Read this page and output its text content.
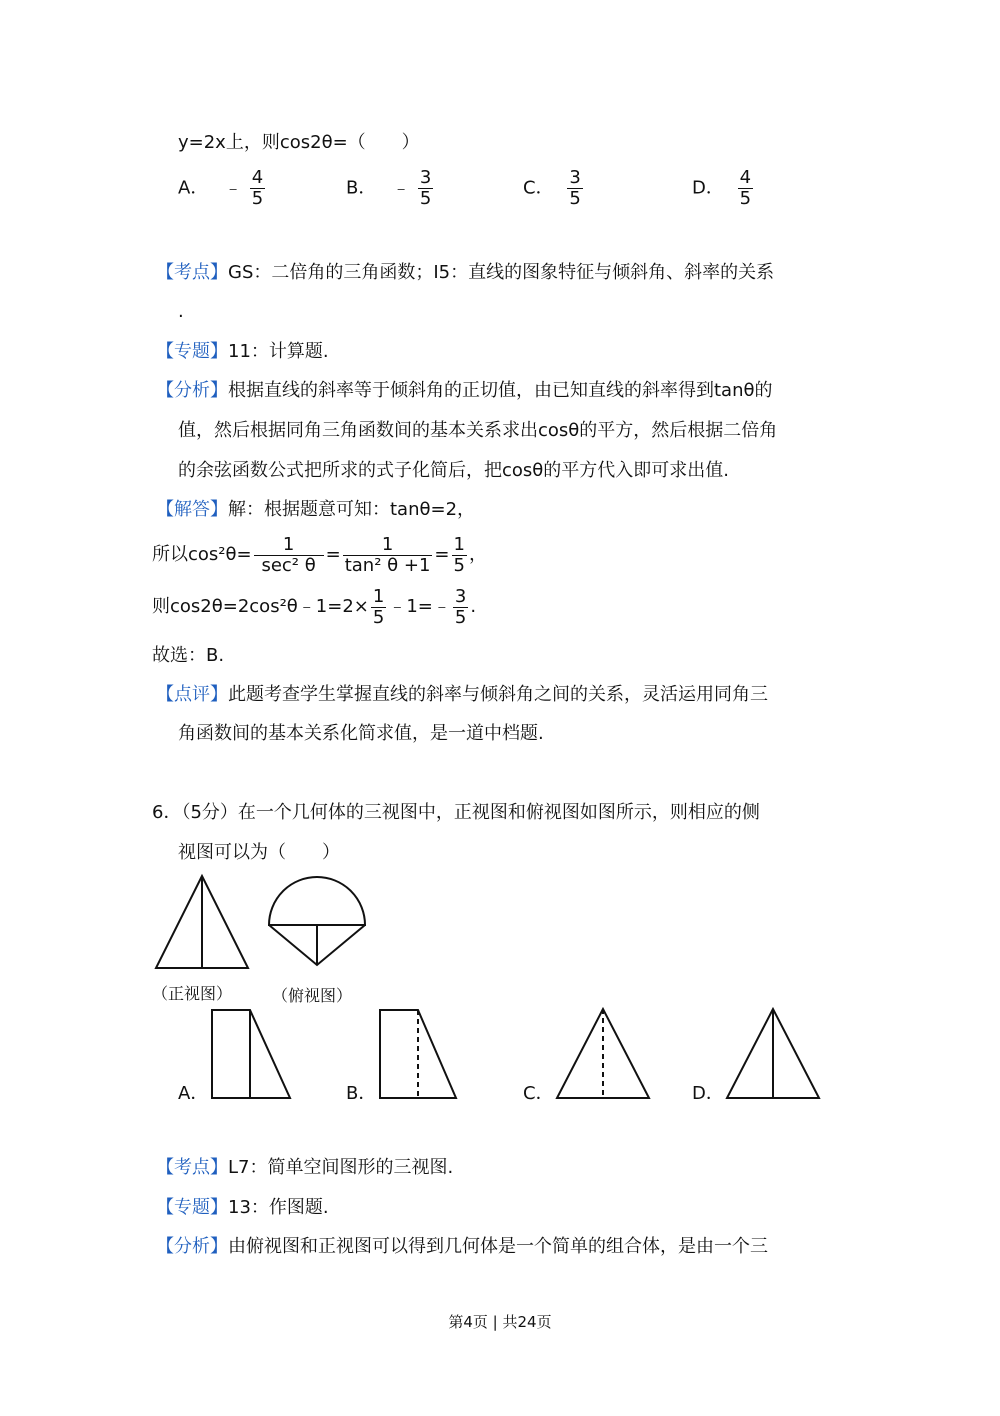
y=2x上，则cos2θ=（　　）
A． ﹣ $\frac{4}{5}$	B． ﹣ $\frac{3}{5}$	C． $\frac{3}{5}$	D． $\frac{4}{5}$
【考点】GS：二倍角的三角函数；I5：直线的图象特征与倾斜角、斜率的关系
.
【专题】11：计算题.
【分析】根据直线的斜率等于倾斜角的正切值，由已知直线的斜率得到tanθ的
值，然后根据同角三角函数间的基本关系求出cosθ的平方，然后根据二倍角
的余弦函数公式把所求的式子化简后，把cosθ的平方代入即可求出值.
【解答】解：根据题意可知：tanθ=2，
所以$\cos^2\theta= \frac{1}{\text{sec² θ}} = \frac{1}{\text{tan² θ +1}} = \frac{1}{5}$ ，
则cos2θ=2cos²θ﹣1=2× $\frac{1}{5}$ ﹣1=﹣ $\frac{3}{5}$ .
故选：B.
【点评】此题考查学生掌握直线的斜率与倾斜角之间的关系，灵活运用同角三
角函数间的基本关系化简求值，是一道中档题.
6．（5分）在一个几何体的三视图中，正视图和俯视图如图所示，则相应的侧
视图可以为（　　）
（正视图） （俯视图）
A．	B．	C．	D．
【考点】L7：简单空间图形的三视图.
【专题】13：作图题.
【分析】由俯视图和正视图可以得到几何体是一个简单的组合体，是由一个三
第4页 | 共24页
